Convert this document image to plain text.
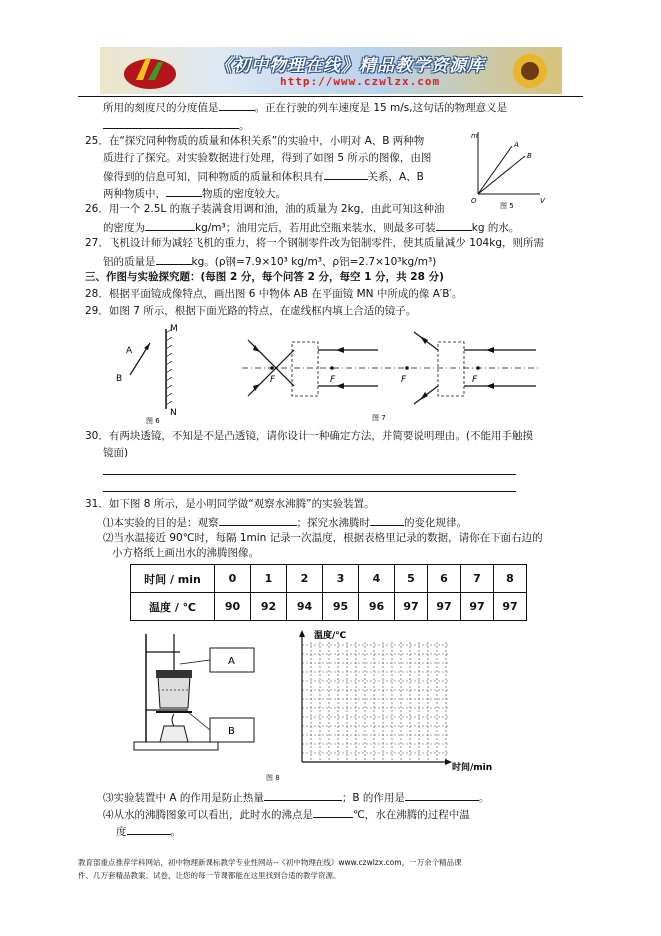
《初中物理在线》精品教学资源库
http://www.czwlzx.com
所用的刻度尺的分度值是	。正在行驶的列车速度是 15 m/s,这句话的物理意义是
。
25．在“探究同种物质的质量和体积关系”的实验中，小明对 A、B 两种物
质进行了探究。对实验数据进行处理，得到了如图 5 所示的图像，由图
像得到的信息可知，同种物质的质量和体积具有	关系，A、B
两种物质中，	物质的密度较大。
m
V
O
A
B
图 5
26．用一个 2.5L 的瓶子装满食用调和油，油的质量为 2kg，由此可知这种油
的密度为	kg/m³；油用完后，若用此空瓶来装水，则最多可装	kg 的水。
27．飞机设计师为减轻飞机的重力，将一个钢制零件改为铝制零件，使其质量减少 104kg，则所需
铝的质量是	kg。(ρ钢=7.9×10³ kg/m³、ρ铝=2.7×10³kg/m³)
三、作图与实验探究题：(每图 2 分，每个问答 2 分，每空 1 分，共 28 分)
28．根据平面镜成像特点，画出图 6 中物体 AB 在平面镜 MN 中所成的像 A′B′。
29．如图 7 所示，根据下面光路的特点，在虚线框内填上合适的镜子。
A
B
M
N
图 6
F	F	F	F
图 7
30．有两块透镜，不知是不是凸透镜，请你设计一种确定方法，并简要说明理由。(不能用手触摸
镜面)
31．如下图 8 所示，是小明同学做“观察水沸腾”的实验装置。
⑴本实验的目的是：观察	；探究水沸腾时	的变化规律。
⑵当水温接近 90℃时，每隔 1min 记录一次温度，根据表格里记录的数据，请你在下面右边的
小方格纸上画出水的沸腾图像。
时间 / min	0	1	2	3	4	5	6	7	8
温度 / ℃	90	92	94	95	96	97	97	97	97
A
B
温度/℃
时间/min
图 8
⑶实验装置中 A 的作用是防止热量	；B 的作用是	。
⑷从水的沸腾图象可以看出，此时水的沸点是	℃，水在沸腾的过程中温
度	。
教育部重点推荐学科网站，初中物理新课标教学专业性网站--《初中物理在线》www.czwlzx.com。一万余个精品课
件、几万套精品教案、试卷，让您的每一节课都能在这里找到合适的教学资源。
